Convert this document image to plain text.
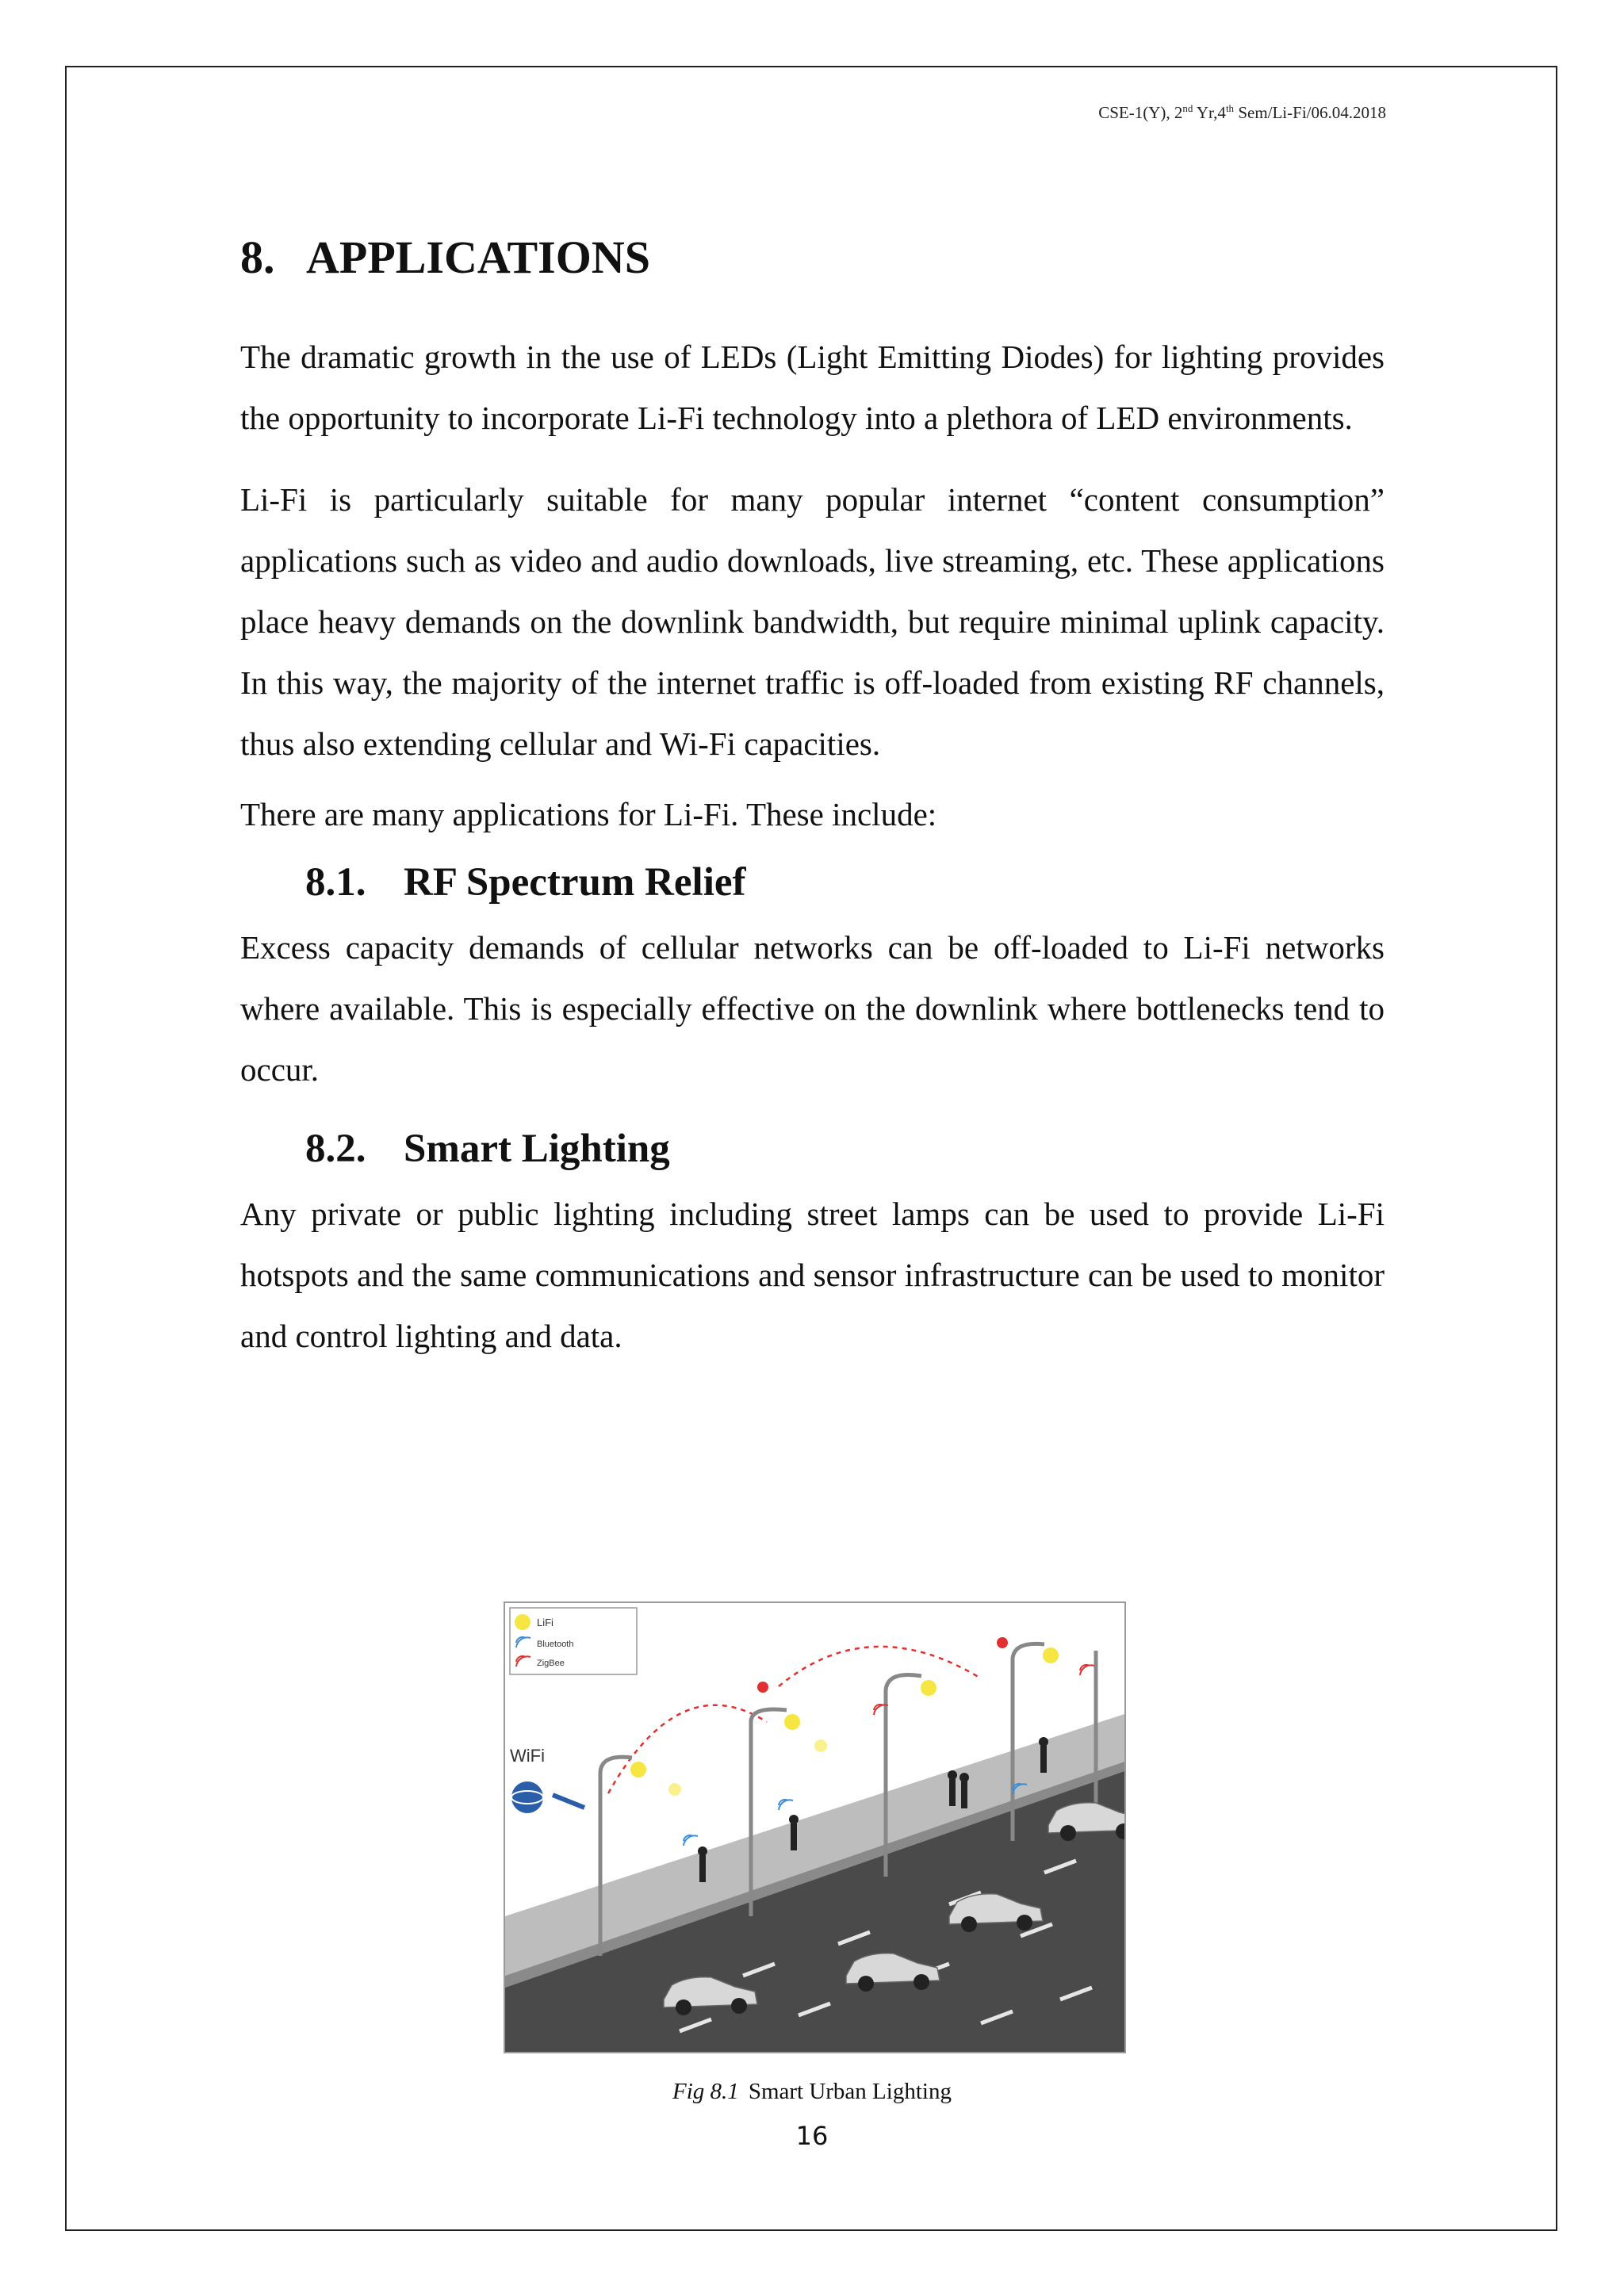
CSE-1(Y), 2nd Yr,4th Sem/Li-Fi/06.04.2018
8. APPLICATIONS

The dramatic growth in the use of LEDs (Light Emitting Diodes) for lighting provides the opportunity to incorporate Li-Fi technology into a plethora of LED environments.

Li-Fi is particularly suitable for many popular internet “content consumption” applications such as video and audio downloads, live streaming, etc. These applications place heavy demands on the downlink bandwidth, but require minimal uplink capacity. In this way, the majority of the internet traffic is off-loaded from existing RF channels, thus also extending cellular and Wi-Fi capacities.

There are many applications for Li-Fi. These include:

8.1. RF Spectrum Relief

Excess capacity demands of cellular networks can be off-loaded to Li-Fi networks where available. This is especially effective on the downlink where bottlenecks tend to occur.

8.2. Smart Lighting

Any private or public lighting including street lamps can be used to provide Li-Fi hotspots and the same communications and sensor infrastructure can be used to monitor and control lighting and data.

LiFi
Bluetooth
ZigBee
WiFi
Fig 8.1 Smart Urban Lighting
16
